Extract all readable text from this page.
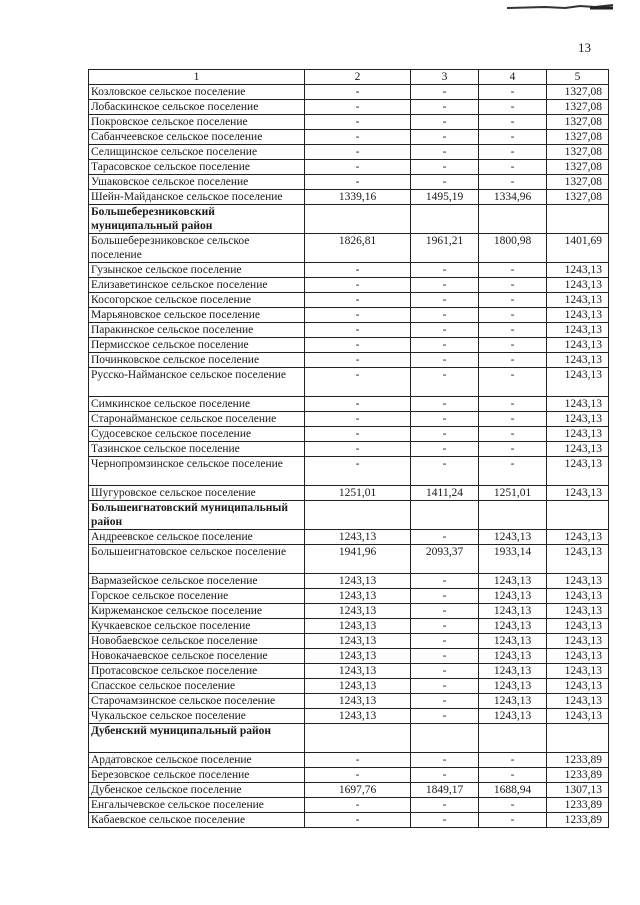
13
1	2	3	4	5
Козловское сельское поселение	-	-	-	1327,08
Лобаскинское сельское поселение	-	-	-	1327,08
Покровское сельское поселение	-	-	-	1327,08
Сабанчеевское сельское поселение	-	-	-	1327,08
Селищинское сельское поселение	-	-	-	1327,08
Тарасовское сельское поселение	-	-	-	1327,08
Ушаковское сельское поселение	-	-	-	1327,08
Шейн-Майданское сельское поселение	1339,16	1495,19	1334,96	1327,08
Большеберезниковский муниципальный район				
Большеберезниковское сельское поселение	1826,81	1961,21	1800,98	1401,69
Гузынское сельское поселение	-	-	-	1243,13
Елизаветинское сельское поселение	-	-	-	1243,13
Косогорское сельское поселение	-	-	-	1243,13
Марьяновское сельское поселение	-	-	-	1243,13
Паракинское сельское поселение	-	-	-	1243,13
Пермисское сельское поселение	-	-	-	1243,13
Починковское сельское поселение	-	-	-	1243,13
Русско-Найманское сельское поселение	-	-	-	1243,13
Симкинское сельское поселение	-	-	-	1243,13
Старонайманское сельское поселение	-	-	-	1243,13
Судосевское сельское поселение	-	-	-	1243,13
Тазинское сельское поселение	-	-	-	1243,13
Чернопромзинское сельское поселение	-	-	-	1243,13
Шугуровское сельское поселение	1251,01	1411,24	1251,01	1243,13
Большеигнатовский муниципальный район				
Андреевское сельское поселение	1243,13	-	1243,13	1243,13
Большеигнатовское сельское поселение	1941,96	2093,37	1933,14	1243,13
Вармазейское сельское поселение	1243,13	-	1243,13	1243,13
Горское сельское поселение	1243,13	-	1243,13	1243,13
Киржеманское сельское поселение	1243,13	-	1243,13	1243,13
Кучкаевское сельское поселение	1243,13	-	1243,13	1243,13
Новобаевское сельское поселение	1243,13	-	1243,13	1243,13
Новокачаевское сельское поселение	1243,13	-	1243,13	1243,13
Протасовское сельское поселение	1243,13	-	1243,13	1243,13
Спасское сельское поселение	1243,13	-	1243,13	1243,13
Старочамзинское сельское поселение	1243,13	-	1243,13	1243,13
Чукальское сельское поселение	1243,13	-	1243,13	1243,13
Дубенский муниципальный район				
Ардатовское сельское поселение	-	-	-	1233,89
Березовское сельское поселение	-	-	-	1233,89
Дубенское сельское поселение	1697,76	1849,17	1688,94	1307,13
Енгалычевское сельское поселение	-	-	-	1233,89
Кабаевское сельское поселение	-	-	-	1233,89
